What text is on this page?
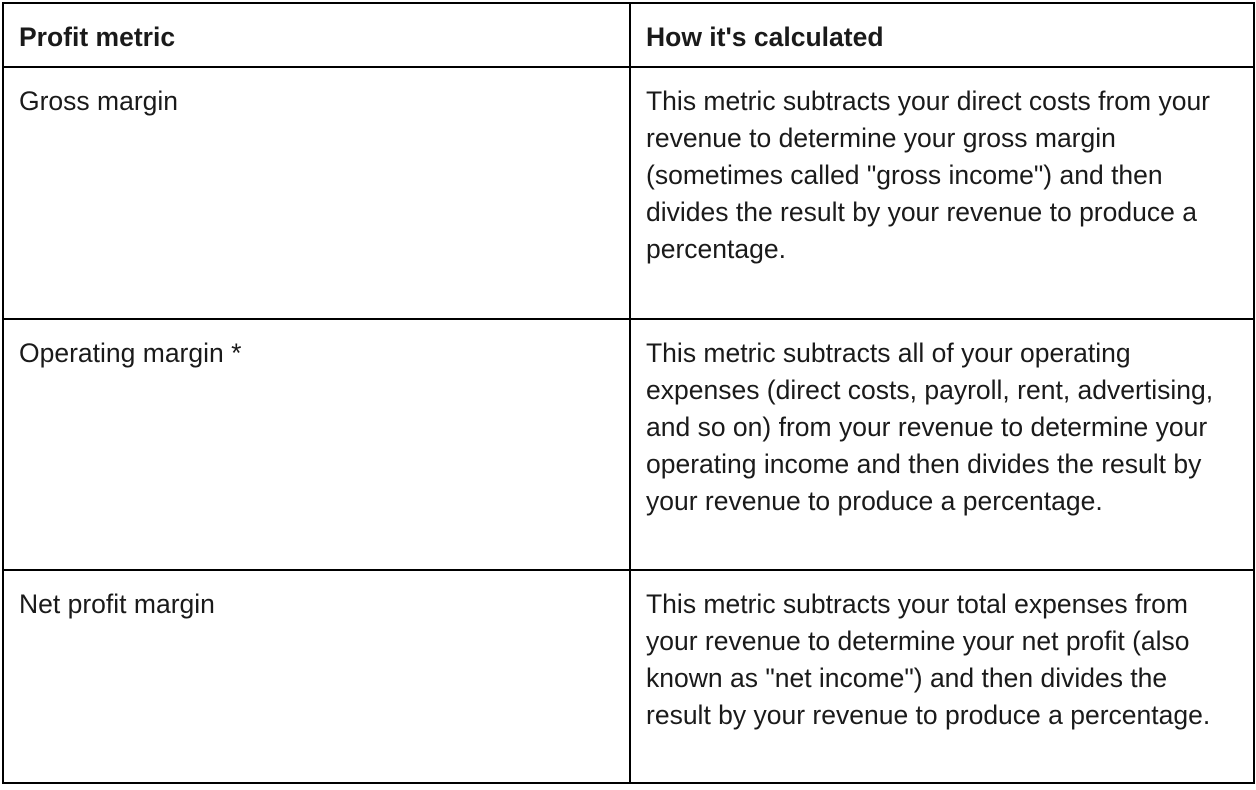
Profit metric	How it's calculated
Gross margin	This metric subtracts your direct costs from your revenue to determine your gross margin (sometimes called "gross income") and then divides the result by your revenue to produce a percentage.
Operating margin *	This metric subtracts all of your operating expenses (direct costs, payroll, rent, advertising, and so on) from your revenue to determine your operating income and then divides the result by your revenue to produce a percentage.
Net profit margin	This metric subtracts your total expenses from your revenue to determine your net profit (also known as "net income") and then divides the result by your revenue to produce a percentage.
